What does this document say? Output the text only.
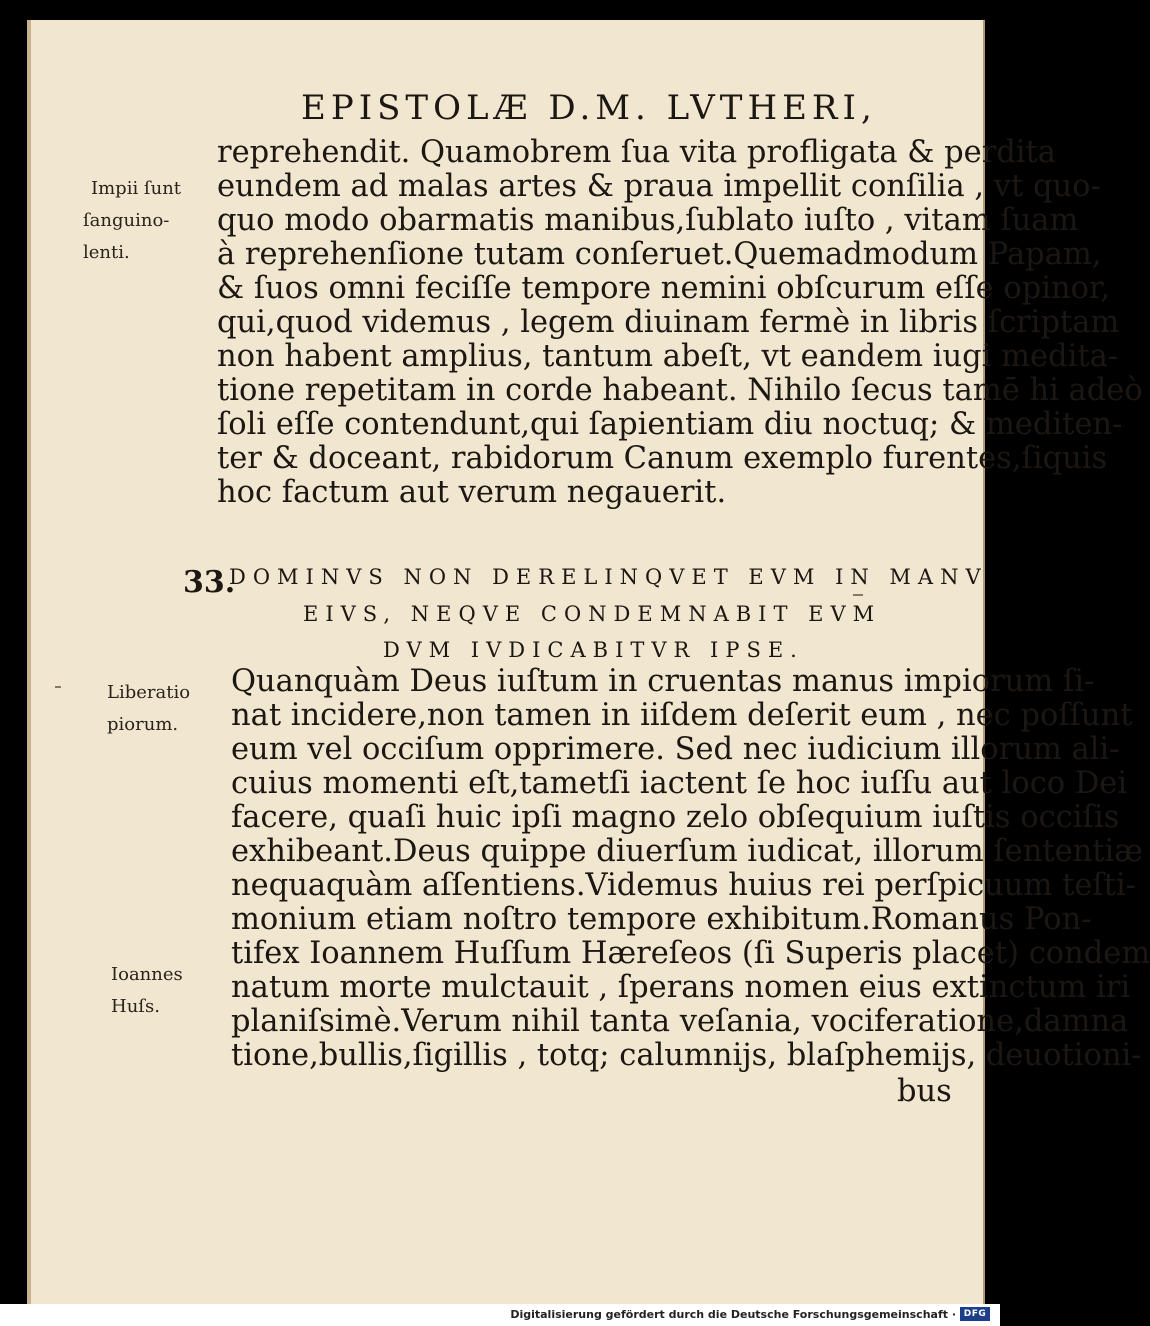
EPISTOLÆ D.M. LVTHERI,
reprehendit. Quamobrem ſua vita profligata & perdita
eundem ad malas artes & praua impellit conſilia , vt quo-
quo modo obarmatis manibus,ſublato iuſto , vitam ſuam
à reprehenſione tutam conſeruet.Quemadmodum Papam,
& ſuos omni feciſſe tempore nemini obſcurum eſſe opinor,
qui,quod videmus , legem diuinam fermè in libris ſcriptam
non habent amplius, tantum abeſt, vt eandem iugi medita-
tione repetitam in corde habeant. Nihilo ſecus tamē hi adeò
ſoli eſſe contendunt,qui ſapientiam diu noctuq; & mediten-
ter & doceant, rabidorum Canum exemplo furentes,ſiquis
hoc factum aut verum negauerit.
33.
DOMINVS NON DERELINQVET EVM IN MANV
EIVS, NEQVE CONDEMNABIT EVM
DVM IVDICABITVR IPSE.
Quanquàm Deus iuſtum in cruentas manus impiorum ſi-
nat incidere,non tamen in iiſdem deſerit eum , nec poſſunt
eum vel occiſum opprimere. Sed nec iudicium illorum ali-
cuius momenti eſt,tametſi iactent ſe hoc iuſſu aut loco Dei
facere, quaſi huic ipſi magno zelo obſequium iuſtis occiſis
exhibeant.Deus quippe diuerſum iudicat, illorum ſententiæ
nequaquàm aſſentiens.Videmus huius rei perſpicuum teſti-
monium etiam noſtro tempore exhibitum.Romanus Pon-
tifex Ioannem Huſſum Hæreſeos (ſi Superis placet) condem
natum morte mulctauit , ſperans nomen eius extinctum iri
planiſsimè.Verum nihil tanta veſania, vociferatione,damna
tione,bullis,ſigillis , totq; calumnijs, blaſphemijs, deuotioni-
bus
Impii ſunt
ſanguino-
lenti.
Liberatio
piorum.
Ioannes
Huſs.
Digitalisierung gefördert durch die Deutsche Forschungsgemeinschaft · DFG
